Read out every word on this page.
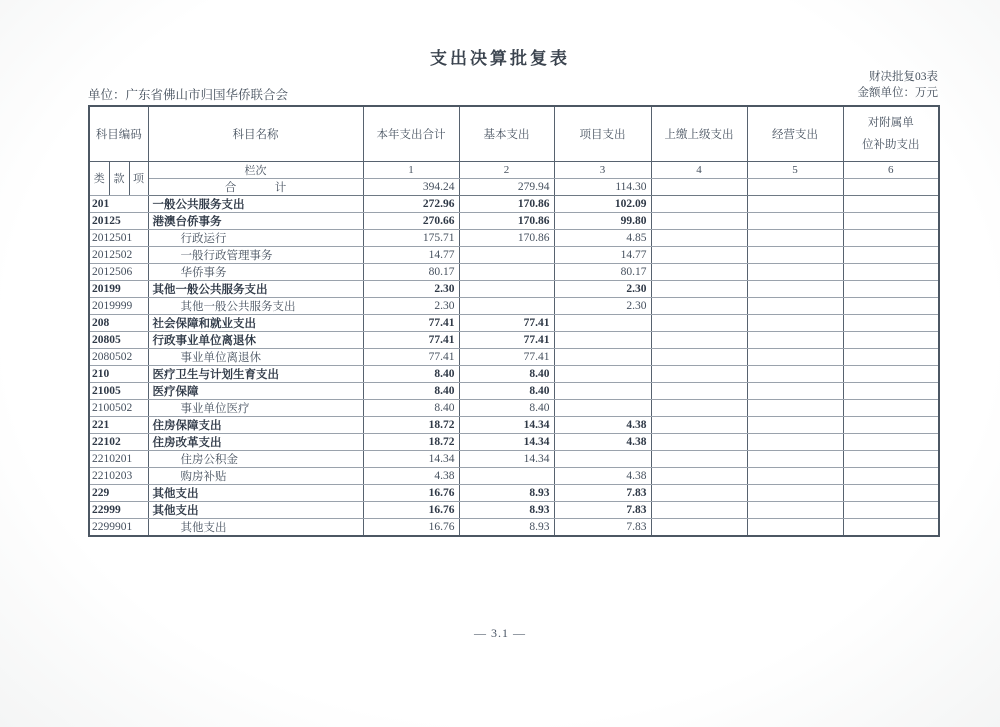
支出决算批复表
单位：广东省佛山市归国华侨联合会
财决批复03表
金额单位：万元
科目编码			科目名称	本年支出合计	基本支出	项目支出	上缴上级支出	经营支出	对附属单
位补助支出

类	款	项	栏次	1	2	3	4	5	6
			合　　　计	394.24	279.94	114.30			
201			一般公共服务支出	272.96	170.86	102.09			
20125			港澳台侨事务	270.66	170.86	99.80			
2012501			行政运行	175.71	170.86	4.85			
2012502			一般行政管理事务	14.77		14.77			
2012506			华侨事务	80.17		80.17			
20199			其他一般公共服务支出	2.30		2.30			
2019999			其他一般公共服务支出	2.30		2.30			
208			社会保障和就业支出	77.41	77.41				
20805			行政事业单位离退休	77.41	77.41				
2080502			事业单位离退休	77.41	77.41				
210			医疗卫生与计划生育支出	8.40	8.40				
21005			医疗保障	8.40	8.40				
2100502			事业单位医疗	8.40	8.40				
221			住房保障支出	18.72	14.34	4.38			
22102			住房改革支出	18.72	14.34	4.38			
2210201			住房公积金	14.34	14.34				
2210203			购房补贴	4.38		4.38			
229			其他支出	16.76	8.93	7.83			
22999			其他支出	16.76	8.93	7.83			
2299901			其他支出	16.76	8.93	7.83			
— 3.1 —
